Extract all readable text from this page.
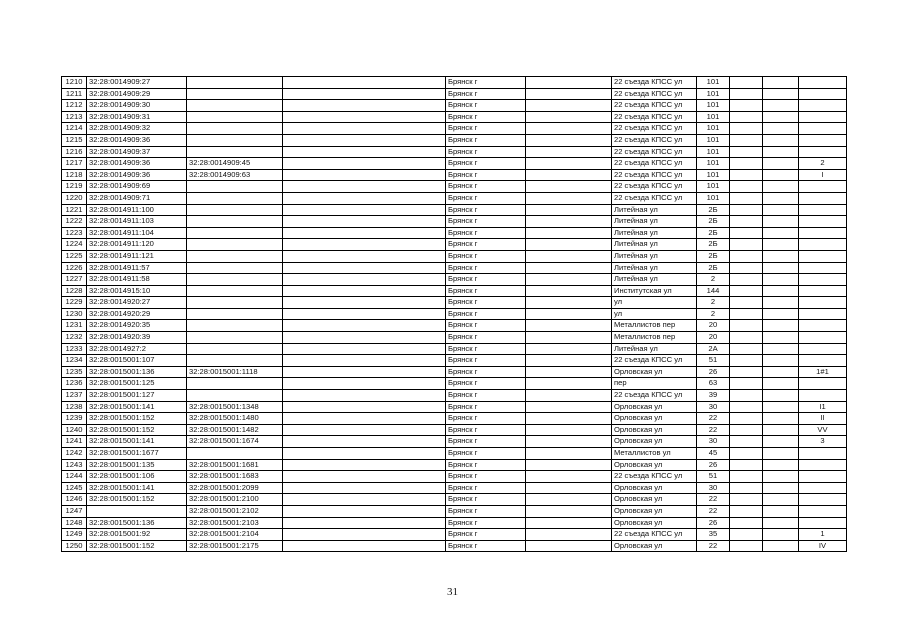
1210	32:28:0014909:27			Брянск г		22 съезда КПСС ул	101			
1211	32:28:0014909:29			Брянск г		22 съезда КПСС ул	101			
1212	32:28:0014909:30			Брянск г		22 съезда КПСС ул	101			
1213	32:28:0014909:31			Брянск г		22 съезда КПСС ул	101			
1214	32:28:0014909:32			Брянск г		22 съезда КПСС ул	101			
1215	32:28:0014909:36			Брянск г		22 съезда КПСС ул	101			
1216	32:28:0014909:37			Брянск г		22 съезда КПСС ул	101			
1217	32:28:0014909:36	32:28:0014909:45		Брянск г		22 съезда КПСС ул	101			2
1218	32:28:0014909:36	32:28:0014909:63		Брянск г		22 съезда КПСС ул	101			I
1219	32:28:0014909:69			Брянск г		22 съезда КПСС ул	101			
1220	32:28:0014909:71			Брянск г		22 съезда КПСС ул	101			
1221	32:28:0014911:100			Брянск г		Литейная ул	2Б			
1222	32:28:0014911:103			Брянск г		Литейная ул	2Б			
1223	32:28:0014911:104			Брянск г		Литейная ул	2Б			
1224	32:28:0014911:120			Брянск г		Литейная ул	2Б			
1225	32:28:0014911:121			Брянск г		Литейная ул	2Б			
1226	32:28:0014911:57			Брянск г		Литейная ул	2Б			
1227	32:28:0014911:58			Брянск г		Литейная ул	2			
1228	32:28:0014915:10			Брянск г		Институтская ул	144			
1229	32:28:0014920:27			Брянск г		ул	2			
1230	32:28:0014920:29			Брянск г		ул	2			
1231	32:28:0014920:35			Брянск г		Металлистов пер	20			
1232	32:28:0014920:39			Брянск г		Металлистов пер	20			
1233	32:28:0014927:2			Брянск г		Литейная ул	2А			
1234	32:28:0015001:107			Брянск г		22 съезда КПСС ул	51			
1235	32:28:0015001:136	32:28:0015001:1118		Брянск г		Орловская ул	26			1#1
1236	32:28:0015001:125			Брянск г		пер	63			
1237	32:28:0015001:127			Брянск г		22 съезда КПСС ул	39			
1238	32:28:0015001:141	32:28:0015001:1348		Брянск г		Орловская ул	30			I1
1239	32:28:0015001:152	32:28:0015001:1480		Брянск г		Орловская ул	22			II
1240	32:28:0015001:152	32:28:0015001:1482		Брянск г		Орловская ул	22			VV
1241	32:28:0015001:141	32:28:0015001:1674		Брянск г		Орловская ул	30			3
1242	32:28:0015001:1677			Брянск г		Металлистов ул	45			
1243	32:28:0015001:135	32:28:0015001:1681		Брянск г		Орловская ул	26			
1244	32:28:0015001:106	32:28:0015001:1683		Брянск г		22 съезда КПСС ул	51			
1245	32:28:0015001:141	32:28:0015001:2099		Брянск г		Орловская ул	30			
1246	32:28:0015001:152	32:28:0015001:2100		Брянск г		Орловская ул	22			
1247		32:28:0015001:2102		Брянск г		Орловская ул	22			
1248	32:28:0015001:136	32:28:0015001:2103		Брянск г		Орловская ул	26			
1249	32:28:0015001:92	32:28:0015001:2104		Брянск г		22 съезда КПСС ул	35			1
1250	32:28:0015001:152	32:28:0015001:2175		Брянск г		Орловская ул	22			IV
31
